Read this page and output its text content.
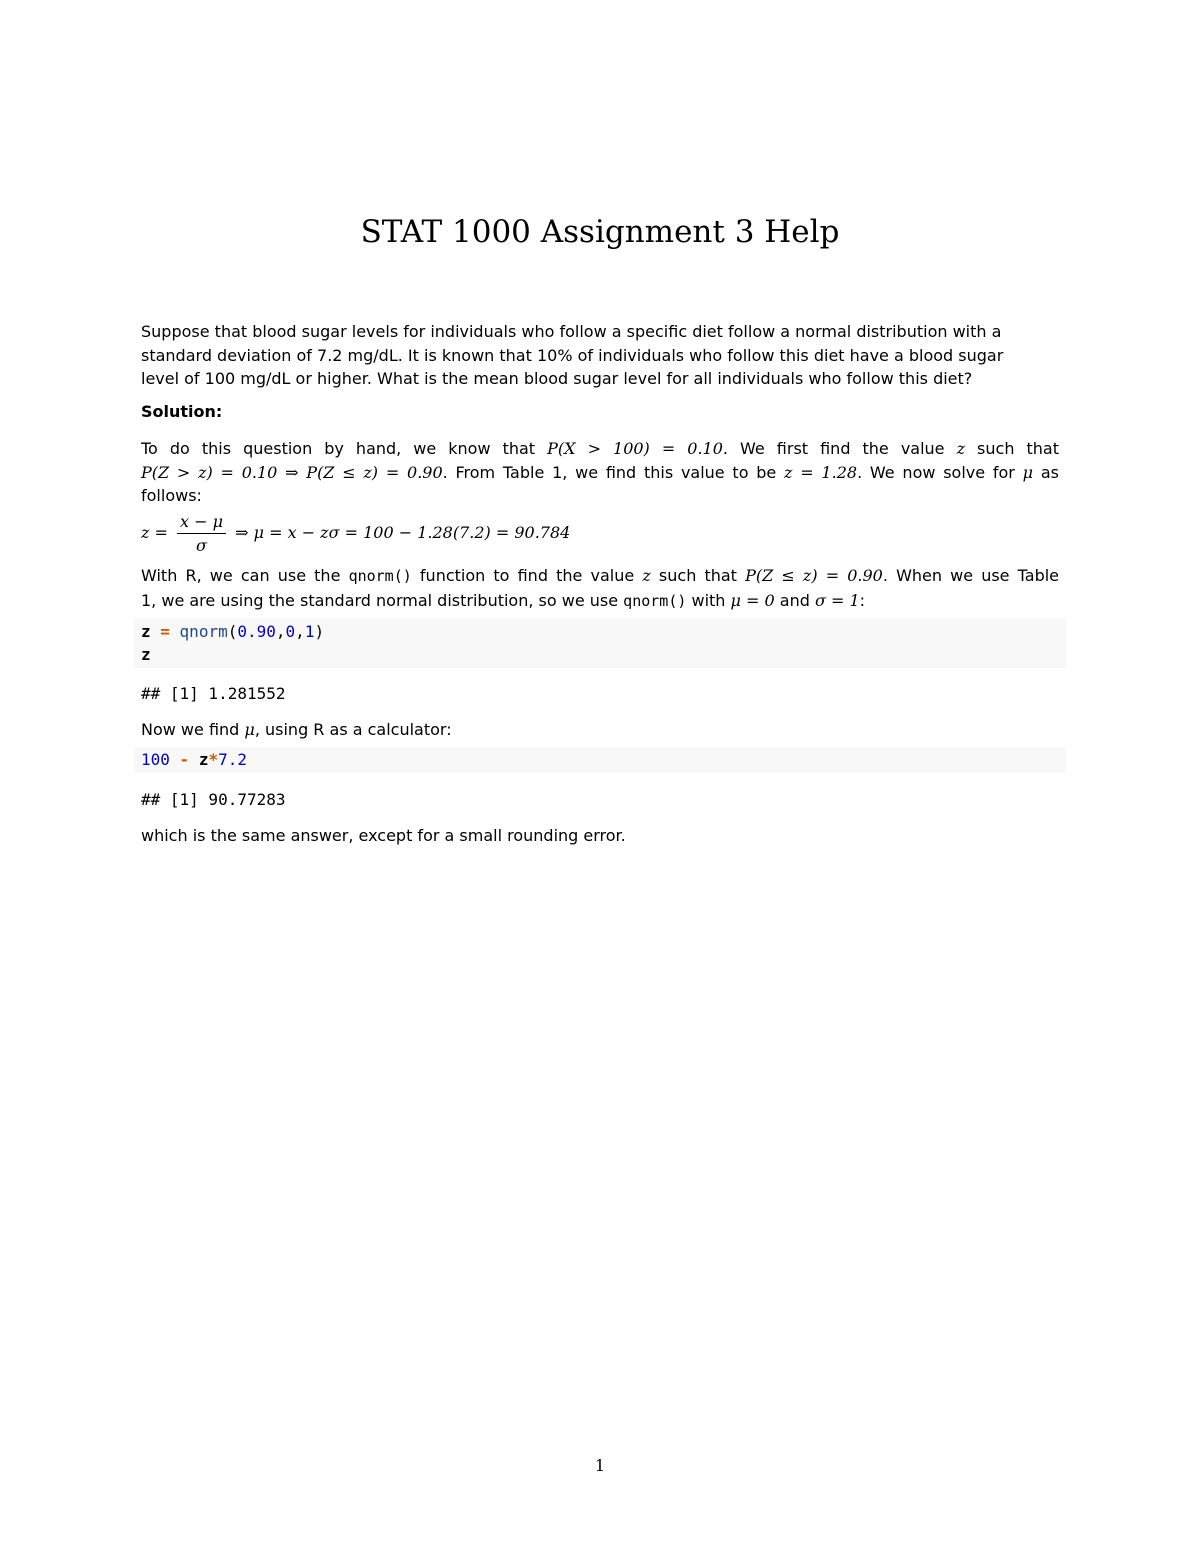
STAT 1000 Assignment 3 Help
Suppose that blood sugar levels for individuals who follow a specific diet follow a normal distribution with a
standard deviation of 7.2 mg/dL. It is known that 10% of individuals who follow this diet have a blood sugar
level of 100 mg/dL or higher. What is the mean blood sugar level for all individuals who follow this diet?
Solution:
To do this question by hand, we know that P(X > 100) = 0.10. We first find the value z such that
P(Z > z) = 0.10 ⇒ P(Z ≤ z) = 0.90. From Table 1, we find this value to be z = 1.28. We now solve for μ as
follows:
$z = \frac{x - \mu}{\sigma}$ ⇒ μ = x − zσ = 100 − 1.28(7.2) = 90.784
With R, we can use the qnorm() function to find the value z such that P(Z ≤ z) = 0.90. When we use Table
1, we are using the standard normal distribution, so we use qnorm() with μ = 0 and σ = 1:
z = qnorm(0.90,0,1)
z
## [1] 1.281552
Now we find μ, using R as a calculator:
100 - z*7.2
## [1] 90.77283
which is the same answer, except for a small rounding error.
1
